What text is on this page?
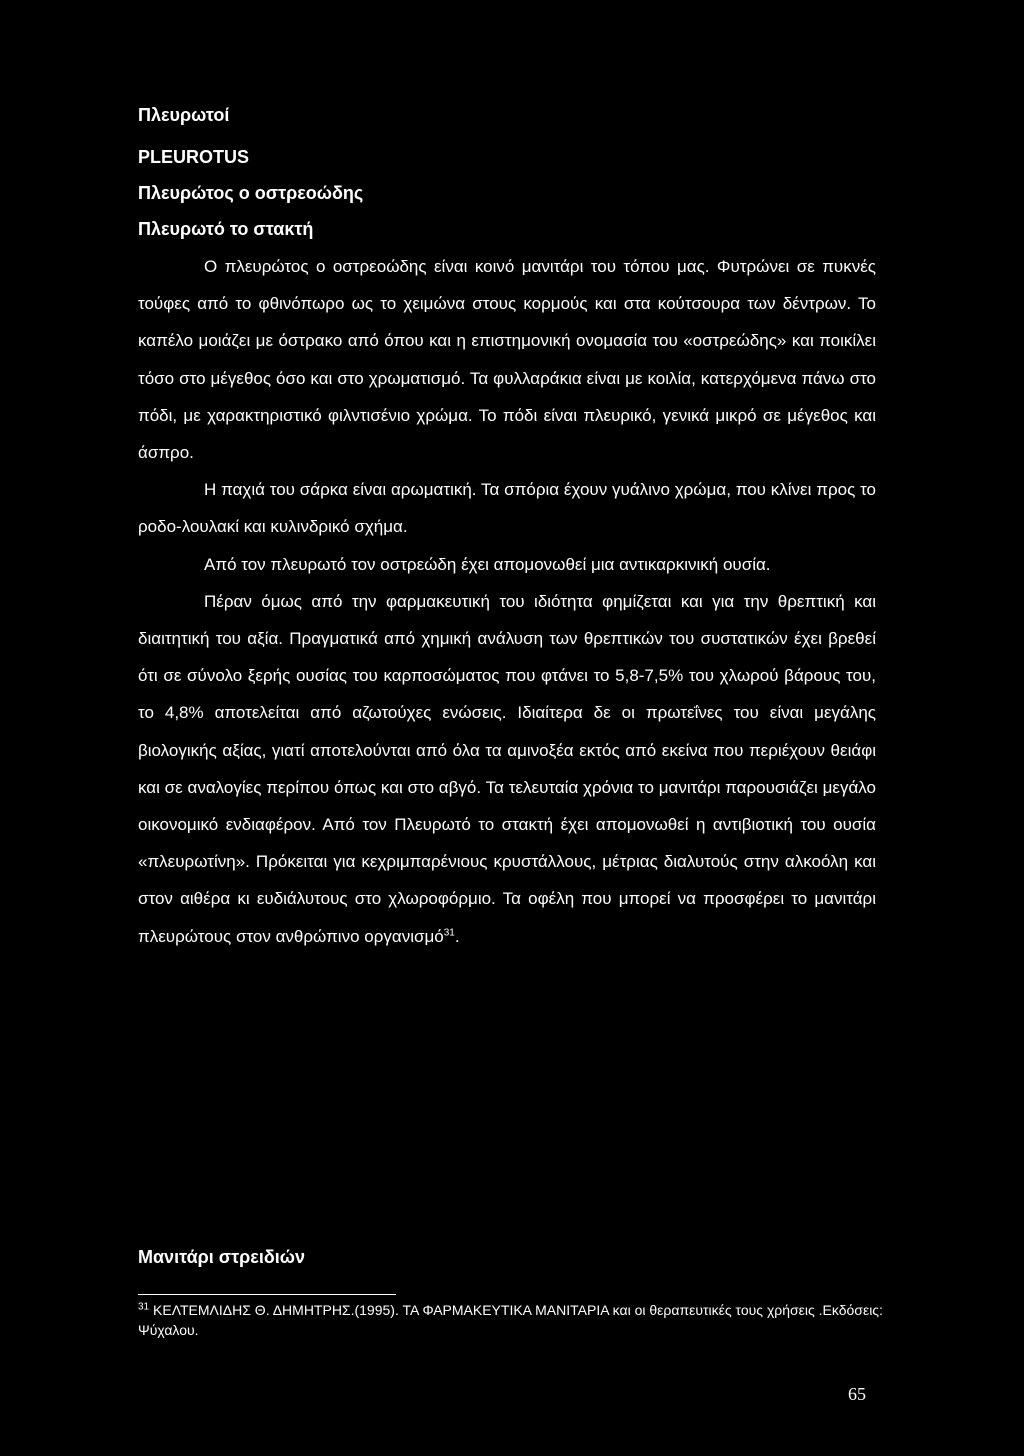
Πλευρωτοί
PLEUROTUS
Πλευρώτος ο οστρεοώδης
Πλευρωτό το στακτή

Ο πλευρώτος ο οστρεοώδης είναι κοινό μανιτάρι του τόπου μας. Φυτρώνει σε πυκνές τούφες από το φθινόπωρο ως το χειμώνα στους κορμούς και στα κούτσουρα των δέντρων. Το καπέλο μοιάζει με όστρακο από όπου και η επιστημονική ονομασία του «οστρεώδης» και ποικίλει τόσο στο μέγεθος όσο και στο χρωματισμό. Τα φυλλαράκια είναι με κοιλία, κατερχόμενα πάνω στο πόδι, με χαρακτηριστικό φιλντισένιο χρώμα. Το πόδι είναι πλευρικό, γενικά μικρό σε μέγεθος και άσπρο.

Η παχιά του σάρκα είναι αρωματική. Τα σπόρια έχουν γυάλινο χρώμα, που κλίνει προς το ροδο-λουλακί και κυλινδρικό σχήμα.

Από τον πλευρωτό τον οστρεώδη έχει απομονωθεί μια αντικαρκινική ουσία.

Πέραν όμως από την φαρμακευτική του ιδιότητα φημίζεται και για την θρεπτική και διαιτητική του αξία. Πραγματικά από χημική ανάλυση των θρεπτικών του συστατικών έχει βρεθεί ότι σε σύνολο ξερής ουσίας του καρποσώματος που φτάνει το 5,8-7,5% του χλωρού βάρους του, το 4,8% αποτελείται από αζωτούχες ενώσεις. Ιδιαίτερα δε οι πρωτεΐνες του είναι μεγάλης βιολογικής αξίας, γιατί αποτελούνται από όλα τα αμινοξέα εκτός από εκείνα που περιέχουν θειάφι και σε αναλογίες περίπου όπως και στο αβγό. Τα τελευταία χρόνια το μανιτάρι παρουσιάζει μεγάλο οικονομικό ενδιαφέρον. Από τον Πλευρωτό το στακτή έχει απομονωθεί η αντιβιοτική του ουσία «πλευρωτίνη». Πρόκειται για κεχριμπαρένιους κρυστάλλους, μέτριας διαλυτούς στην αλκοόλη και στον αιθέρα κι ευδιάλυτους στο χλωροφόρμιο. Τα οφέλη που μπορεί να προσφέρει το μανιτάρι πλευρώτους στον ανθρώπινο οργανισμό$^{31}$.

Μανιτάρι στρειδιών
$^{31}$ ΚΕΛΤΕΜΛΙΔΗΣ Θ. ΔΗΜΗΤΡΗΣ.(1995). ΤΑ ΦΑΡΜΑΚΕΥΤΙΚΑ ΜΑΝΙΤΑΡΙΑ και οι θεραπευτικές τους χρήσεις .Εκδόσεις: Ψύχαλου.
65
